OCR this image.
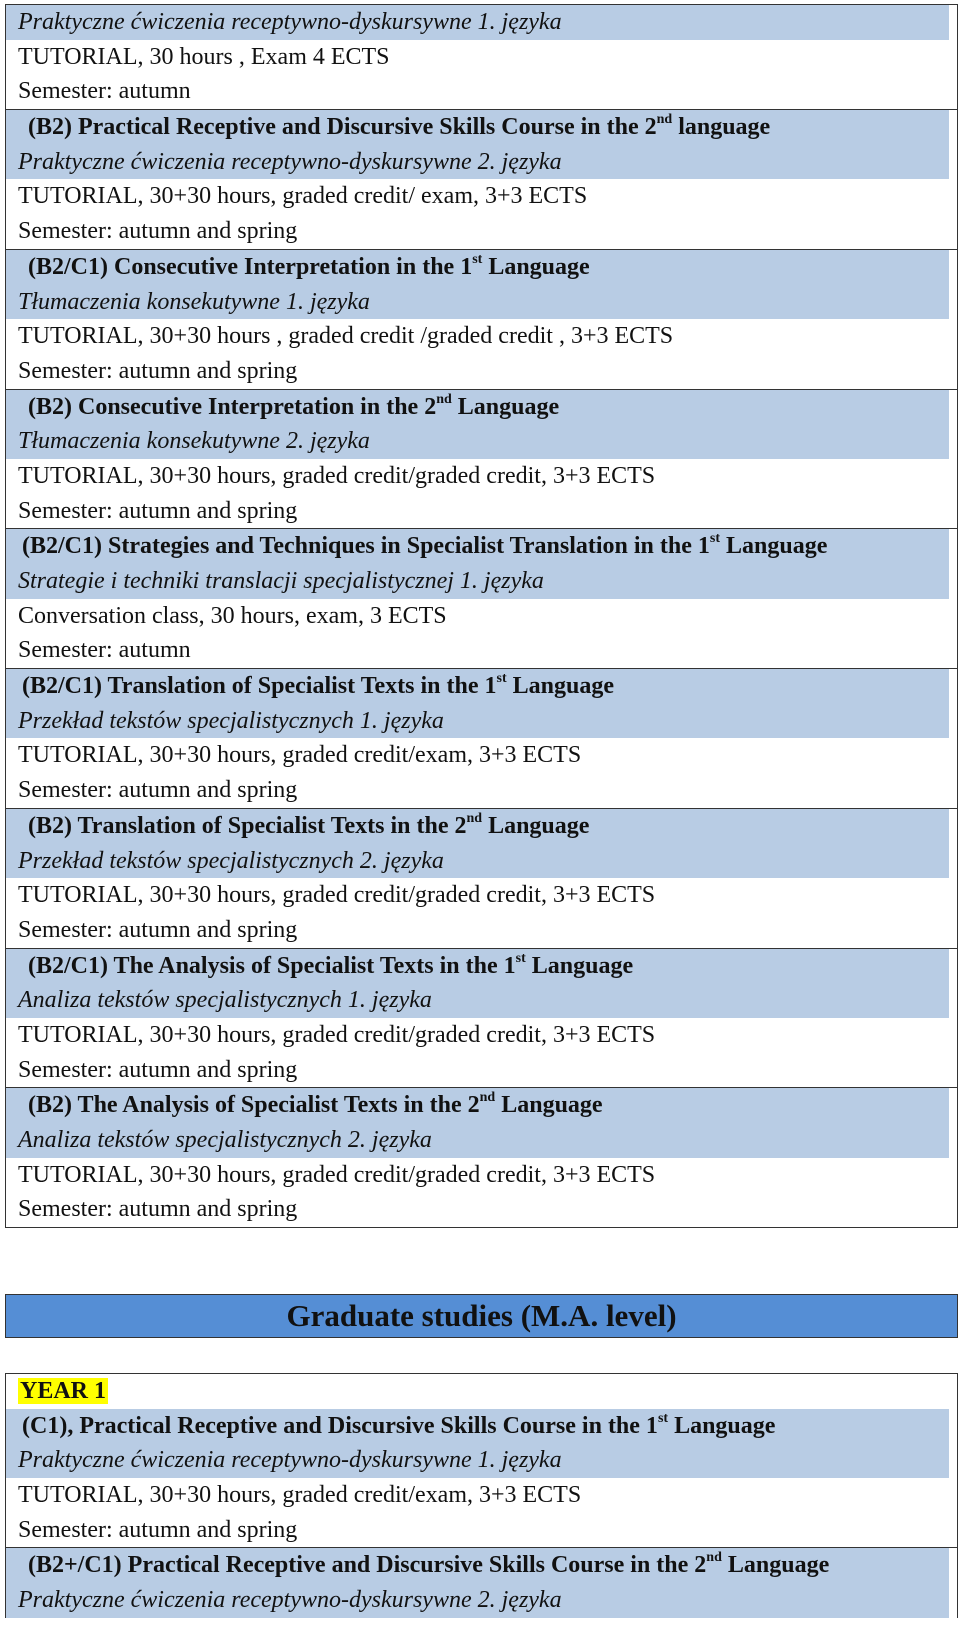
Praktyczne ćwiczenia receptywno-dyskursywne 1. języka
TUTORIAL, 30 hours , Exam 4 ECTS
Semester: autumn
(B2) Practical Receptive and Discursive Skills Course in the 2nd language
Praktyczne ćwiczenia receptywno-dyskursywne 2. języka
TUTORIAL, 30+30 hours, graded credit/ exam, 3+3 ECTS
Semester: autumn and spring
(B2/C1) Consecutive Interpretation in the 1st Language
Tłumaczenia konsekutywne 1. języka
TUTORIAL, 30+30 hours , graded credit /graded credit , 3+3 ECTS
Semester: autumn and spring
(B2) Consecutive Interpretation in the 2nd Language
Tłumaczenia konsekutywne 2. języka
TUTORIAL, 30+30 hours, graded credit/graded credit, 3+3 ECTS
Semester: autumn and spring
(B2/C1) Strategies and Techniques in Specialist Translation in the 1st Language
Strategie i techniki translacji specjalistycznej 1. języka
Conversation class, 30 hours, exam, 3 ECTS
Semester: autumn
(B2/C1) Translation of Specialist Texts in the 1st Language
Przekład tekstów specjalistycznych 1. języka
TUTORIAL, 30+30 hours, graded credit/exam, 3+3 ECTS
Semester: autumn and spring
(B2) Translation of Specialist Texts in the 2nd Language
Przekład tekstów specjalistycznych 2. języka
TUTORIAL, 30+30 hours, graded credit/graded credit, 3+3 ECTS
Semester: autumn and spring
(B2/C1) The Analysis of Specialist Texts in the 1st Language
Analiza tekstów specjalistycznych 1. języka
TUTORIAL, 30+30 hours, graded credit/graded credit, 3+3 ECTS
Semester: autumn and spring
(B2) The Analysis of Specialist Texts in the 2nd Language
Analiza tekstów specjalistycznych 2. języka
TUTORIAL, 30+30 hours, graded credit/graded credit, 3+3 ECTS
Semester: autumn and spring
Graduate studies (M.A. level)
YEAR 1
(C1), Practical Receptive and Discursive Skills Course in the 1st Language
Praktyczne ćwiczenia receptywno-dyskursywne 1. języka
TUTORIAL, 30+30 hours, graded credit/exam, 3+3 ECTS
Semester: autumn and spring
(B2+/C1) Practical Receptive and Discursive Skills Course in the 2nd Language
Praktyczne ćwiczenia receptywno-dyskursywne 2. języka
